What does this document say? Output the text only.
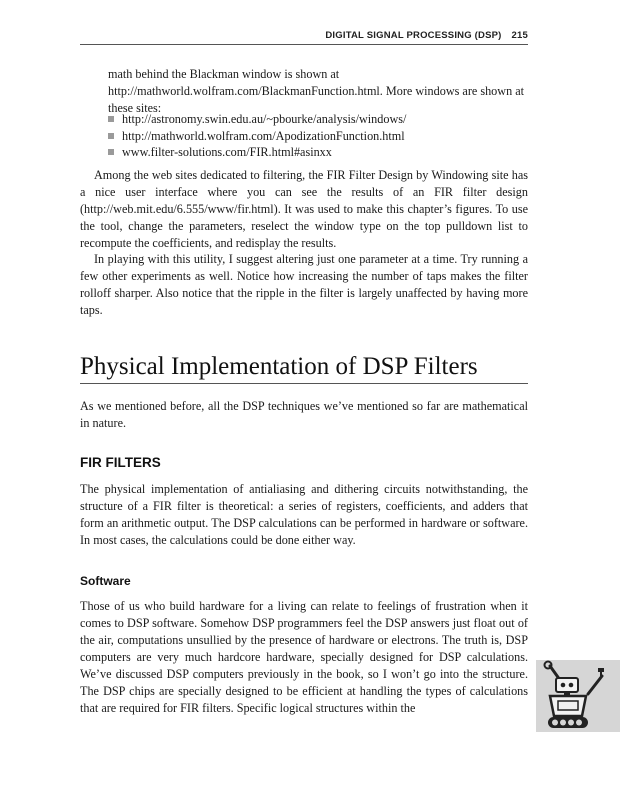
DIGITAL SIGNAL PROCESSING (DSP) 215

math behind the Blackman window is shown at http://mathworld.wolfram.com/BlackmanFunction.html. More windows are shown at these sites:

http://astronomy.swin.edu.au/~pbourke/analysis/windows/
http://mathworld.wolfram.com/ApodizationFunction.html
www.filter-solutions.com/FIR.html#asinxx

Among the web sites dedicated to filtering, the FIR Filter Design by Windowing site has a nice user interface where you can see the results of an FIR filter design (http://web.mit.edu/6.555/www/fir.html). It was used to make this chapter’s figures. To use the tool, change the parameters, reselect the window type on the top pulldown list to recompute the coefficients, and redisplay the results.

In playing with this utility, I suggest altering just one parameter at a time. Try running a few other experiments as well. Notice how increasing the number of taps makes the filter rolloff sharper. Also notice that the ripple in the filter is largely unaffected by having more taps.

Physical Implementation of DSP Filters

As we mentioned before, all the DSP techniques we’ve mentioned so far are mathematical in nature.

FIR FILTERS

The physical implementation of antialiasing and dithering circuits notwithstanding, the structure of a FIR filter is theoretical: a series of registers, coefficients, and adders that form an arithmetic output. The DSP calculations can be performed in hardware or software. In most cases, the calculations could be done either way.

Software

Those of us who build hardware for a living can relate to feelings of frustration when it comes to DSP software. Somehow DSP programmers feel the DSP answers just float out of the air, computations unsullied by the presence of hardware or electrons. The truth is, DSP computers are very much hardcore hardware, specially designed for DSP calculations. We’ve discussed DSP computers previously in the book, so I won’t go into the structure. The DSP chips are specially designed to be efficient at handling the types of calculations that are required for FIR filters. Specific logical structures within the
